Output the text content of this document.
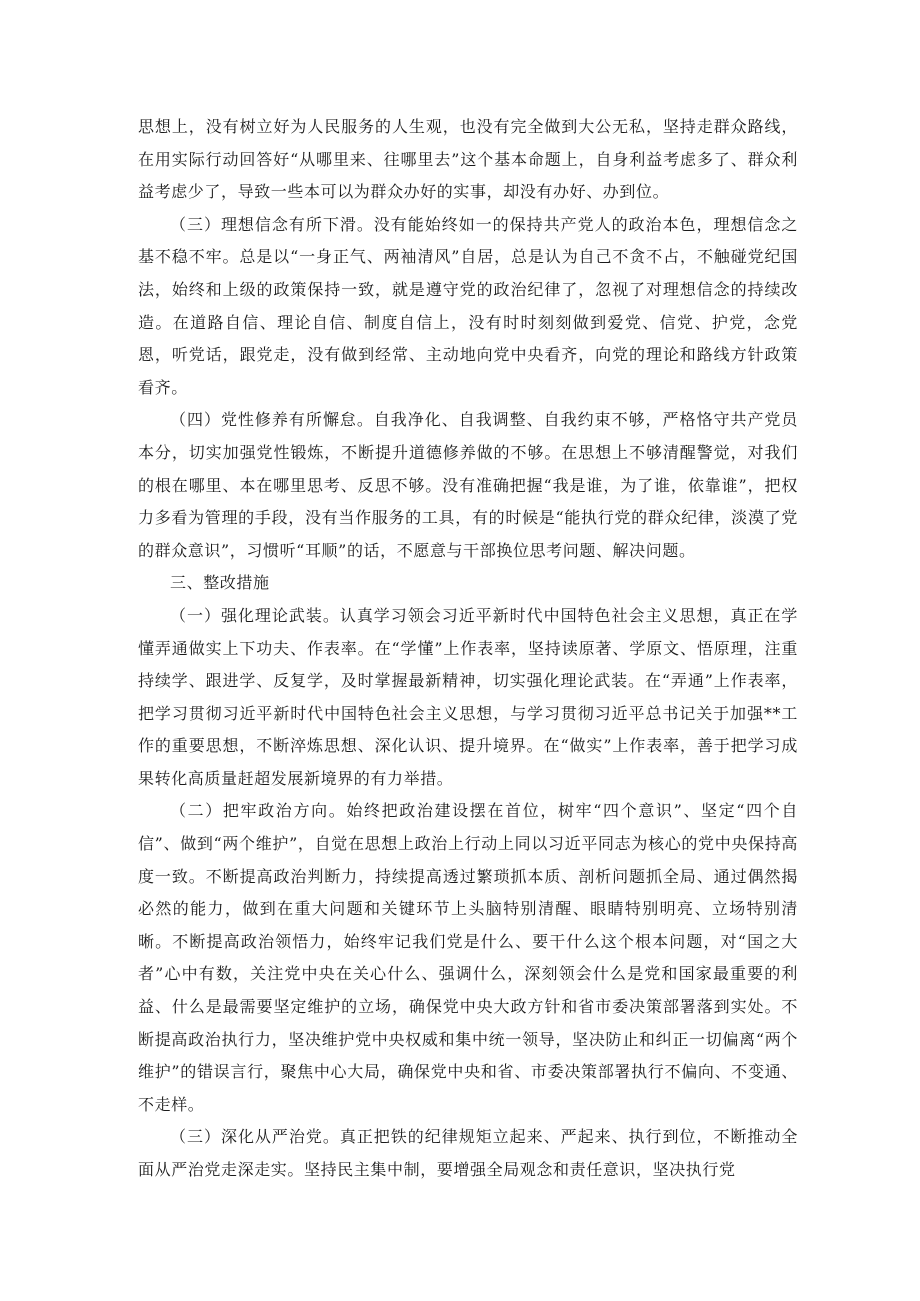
思想上，没有树立好为人民服务的人生观，也没有完全做到大公无私，坚持走群众路线，在用实际行动回答好“从哪里来、往哪里去”这个基本命题上，自身利益考虑多了、群众利益考虑少了，导致一些本可以为群众办好的实事，却没有办好、办到位。

（三）理想信念有所下滑。没有能始终如一的保持共产党人的政治本色，理想信念之基不稳不牢。总是以“一身正气、两袖清风”自居，总是认为自己不贪不占，不触碰党纪国法，始终和上级的政策保持一致，就是遵守党的政治纪律了，忽视了对理想信念的持续改造。在道路自信、理论自信、制度自信上，没有时时刻刻做到爱党、信党、护党，念党恩，听党话，跟党走，没有做到经常、主动地向党中央看齐，向党的理论和路线方针政策看齐。

（四）党性修养有所懈怠。自我净化、自我调整、自我约束不够，严格恪守共产党员本分，切实加强党性锻炼，不断提升道德修养做的不够。在思想上不够清醒警觉，对我们的根在哪里、本在哪里思考、反思不够。没有准确把握“我是谁，为了谁，依靠谁”，把权力多看为管理的手段，没有当作服务的工具，有的时候是“能执行党的群众纪律，淡漠了党的群众意识”，习惯听“耳顺”的话，不愿意与干部换位思考问题、解决问题。

三、整改措施

（一）强化理论武装。认真学习领会习近平新时代中国特色社会主义思想，真正在学懂弄通做实上下功夫、作表率。在“学懂”上作表率，坚持读原著、学原文、悟原理，注重持续学、跟进学、反复学，及时掌握最新精神，切实强化理论武装。在“弄通”上作表率，把学习贯彻习近平新时代中国特色社会主义思想，与学习贯彻习近平总书记关于加强**工作的重要思想，不断淬炼思想、深化认识、提升境界。在“做实”上作表率，善于把学习成果转化高质量赶超发展新境界的有力举措。

（二）把牢政治方向。始终把政治建设摆在首位，树牢“四个意识”、坚定“四个自信”、做到“两个维护”，自觉在思想上政治上行动上同以习近平同志为核心的党中央保持高度一致。不断提高政治判断力，持续提高透过繁琐抓本质、剖析问题抓全局、通过偶然揭必然的能力，做到在重大问题和关键环节上头脑特别清醒、眼睛特别明亮、立场特别清晰。不断提高政治领悟力，始终牢记我们党是什么、要干什么这个根本问题，对“国之大者”心中有数，关注党中央在关心什么、强调什么，深刻领会什么是党和国家最重要的利益、什么是最需要坚定维护的立场，确保党中央大政方针和省市委决策部署落到实处。不断提高政治执行力，坚决维护党中央权威和集中统一领导，坚决防止和纠正一切偏离“两个维护”的错误言行，聚焦中心大局，确保党中央和省、市委决策部署执行不偏向、不变通、不走样。

（三）深化从严治党。真正把铁的纪律规矩立起来、严起来、执行到位，不断推动全面从严治党走深走实。坚持民主集中制，要增强全局观念和责任意识，坚决执行党
